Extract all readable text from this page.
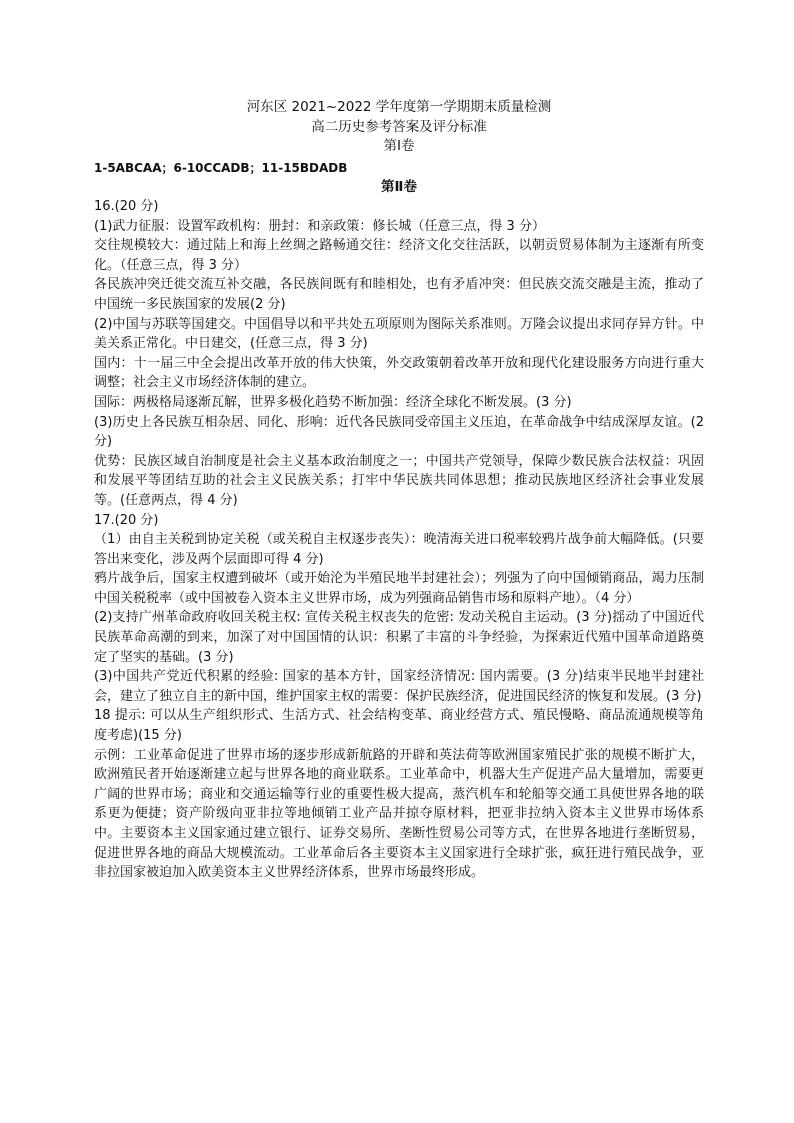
河东区 2021~2022 学年度第一学期期末质量检测
高二历史参考答案及评分标准
第Ⅰ卷

1-5ABCAA；6-10CCADB；11-15BDADB

第Ⅱ卷

16.(20 分)

(1)武力征服：设置军政机构：册封：和亲政策：修长城（任意三点，得 3 分）

交往规模较大：通过陆上和海上丝绸之路畅通交往：经济文化交往活跃，以朝贡贸易体制为主逐渐有所变化。（任意三点，得 3 分）

各民族冲突迁徙交流互补交融，各民族间既有和睦相处，也有矛盾冲突：但民族交流交融是主流，推动了中国统一多民族国家的发展(2 分)

(2)中国与苏联等国建交。中国倡导以和平共处五项原则为图际关系准则。万隆会议提出求同存异方针。中美关系正常化。中日建交，(任意三点，得 3 分)

国内：十一届三中全会提出改革开放的伟大快策，外交政策朝着改革开放和现代化建设服务方向进行重大调整；社会主义市场经济体制的建立。

国际：两极格局逐渐瓦解，世界多极化趋势不断加强：经济全球化不断发展。(3 分)

(3)历史上各民族互相杂居、同化、形响：近代各民族同受帝国主义压迫，在革命战争中结成深厚友谊。(2 分)

优势：民族区域自治制度是社会主义基本政治制度之一；中国共产党领导，保障少数民族合法权益：巩固和发展平等团结互助的社会主义民族关系；打牢中华民族共同体思想；推动民族地区经济社会事业发展等。(任意两点，得 4 分)

17.(20 分)

（1）由自主关税到协定关税（或关税自主权逐步丧失）：晚清海关进口税率较鸦片战争前大幅降低。(只要答出来变化，涉及两个层面即可得 4 分)

鸦片战争后，国家主权遭到破坏（或开始沦为半殖民地半封建社会）；列强为了向中国倾销商品，竭力压制中国关税税率（或中国被卷入资本主义世界市场，成为列强商品销售市场和原料产地）。（4 分）

(2)支持广州革命政府收回关税主权: 宣传关税主权丧失的危密: 发动关税自主运动。(3 分)揺动了中国近代民族革命高潮的到来，加深了对中国国情的认识：积累了丰富的斗争经验，为探索近代殖中国革命道路奠定了坚实的基础。(3 分)

(3)中国共产党近代积累的经验: 国家的基本方针，国家经济情况: 国内需要。(3 分)结束半民地半封建社会，建立了独立自主的新中国，维护国家主权的需要：保护民族经济，促进国民经济的恢复和发展。(3 分)

18 提示: 可以从生产组织形式、生活方式、社会结构变革、商业经营方式、殖民慢略、商品流通规模等角度考虑)(15 分)

示例：工业革命促进了世界市场的逐步形成新航路的开辟和英法荷等欧洲国家殖民扩张的规模不断扩大，欧洲殖民者开始逐渐建立起与世界各地的商业联系。工业革命中，机器大生产促进产品大量增加，需要更广阔的世界市场；商业和交通运输等行业的重要性极大提高，蒸汽机车和轮船等交通工具使世界各地的联系更为便捷；资产阶级向亚非拉等地倾销工业产品并掠夺原材料，把亚非拉纳入资本主义世界市场体系中。主要资本主义国家通过建立银行、证券交易所、垄断性贸易公司等方式，在世界各地进行垄断贸易，促进世界各地的商品大规模流动。工业革命后各主要资本主义国家进行全球扩张，疯狂进行殖民战争，亚非拉国家被迫加入欧美资本主义世界经济体系，世界市场最终形成。
